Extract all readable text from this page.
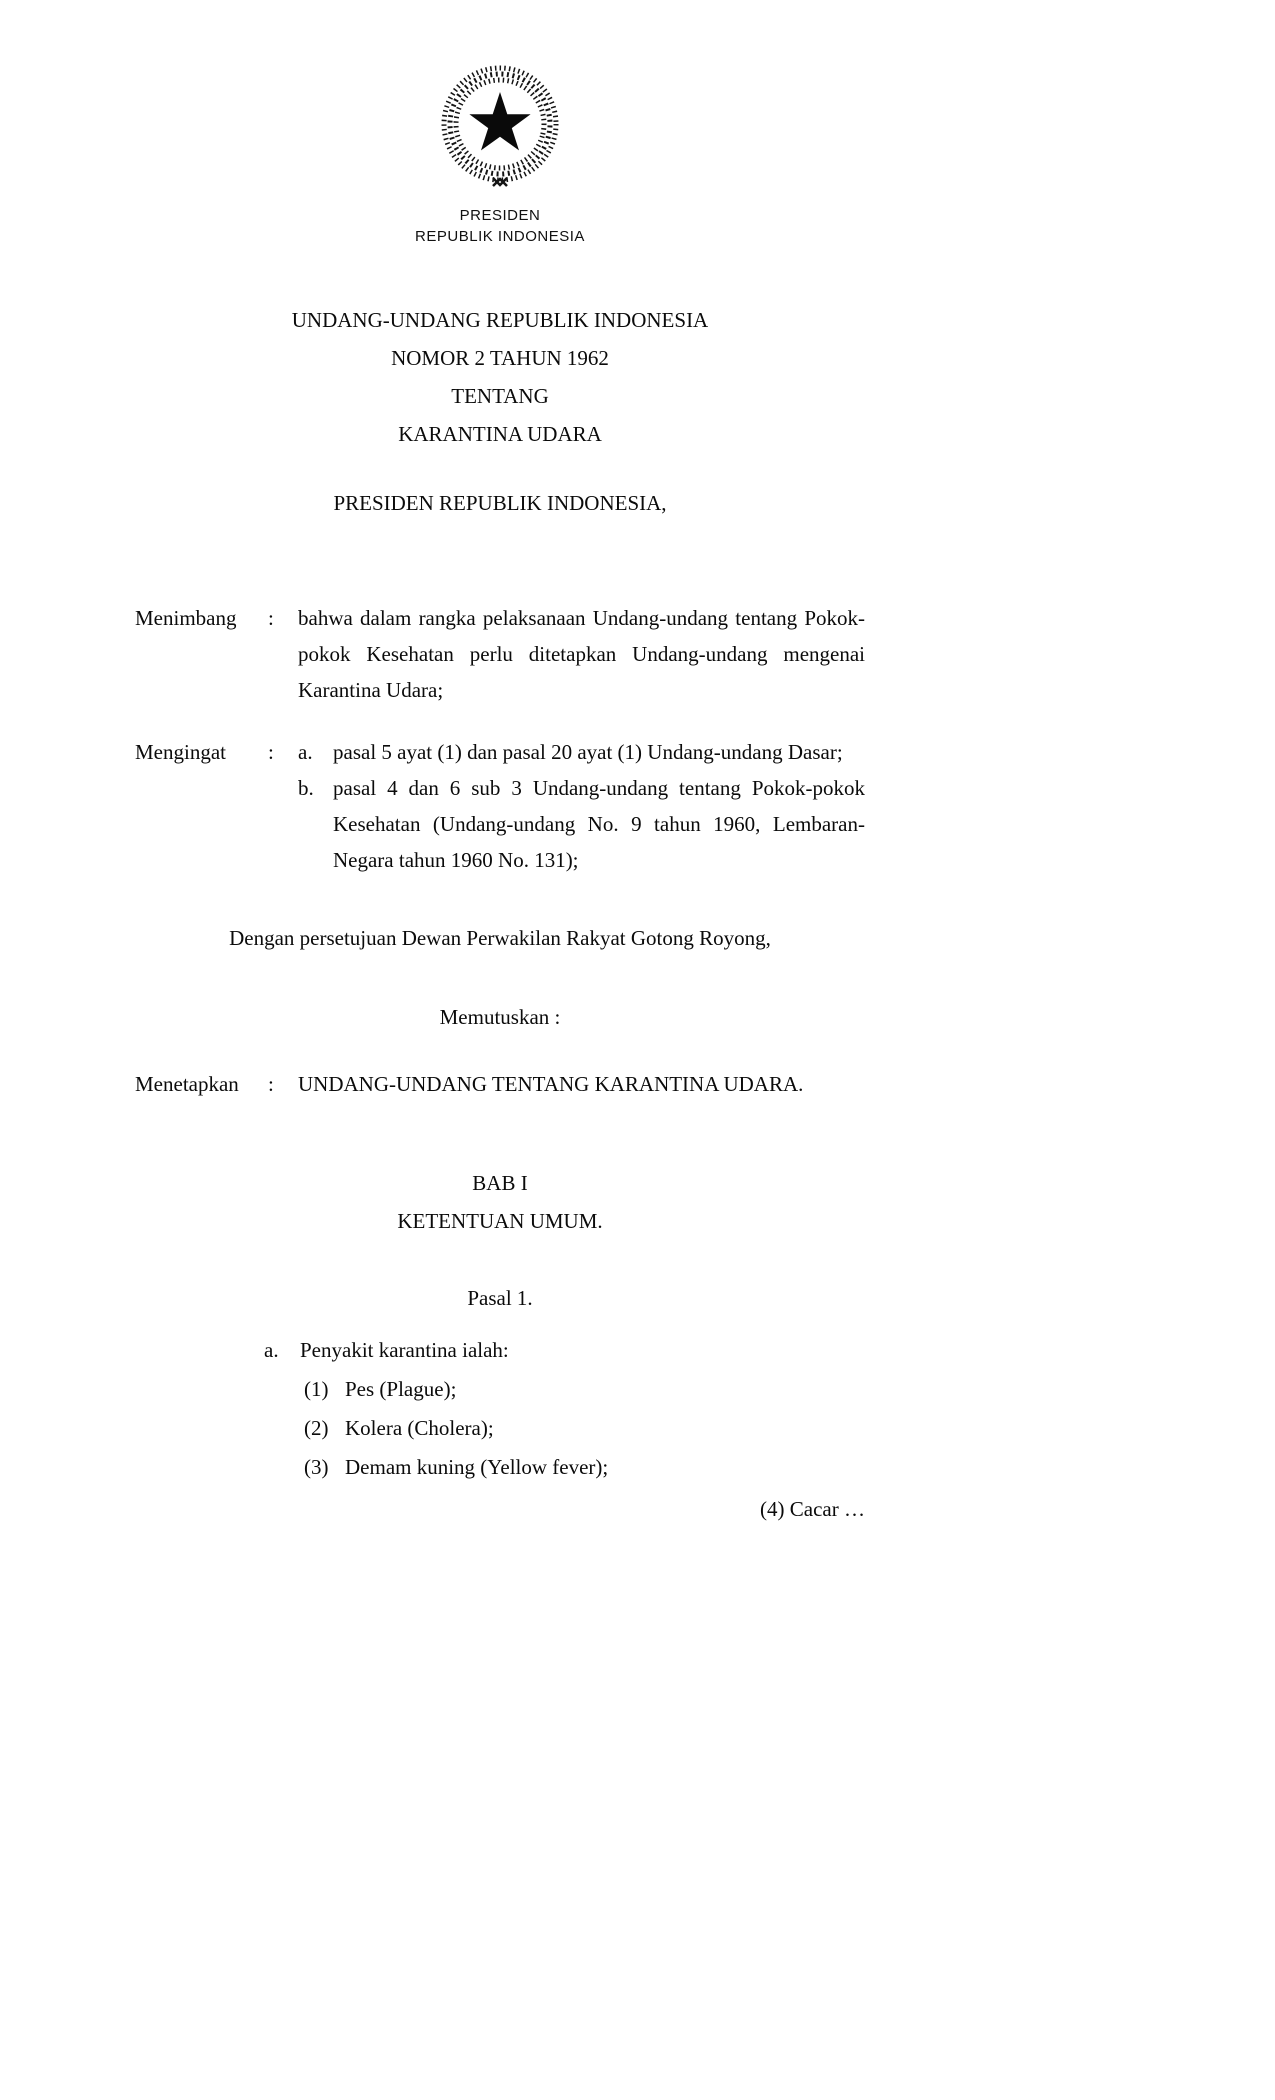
PRESIDEN
REPUBLIK INDONESIA
UNDANG-UNDANG REPUBLIK INDONESIA
NOMOR 2 TAHUN 1962
TENTANG
KARANTINA UDARA
PRESIDEN REPUBLIK INDONESIA,
Menimbang	:	bahwa dalam rangka pelaksanaan Undang-undang tentang Pokok-pokok Kesehatan perlu ditetapkan Undang-undang mengenai Karantina Udara;
Mengingat	:	a. pasal 5 ayat (1) dan pasal 20 ayat (1) Undang-undang Dasar;
b. pasal 4 dan 6 sub 3 Undang-undang tentang Pokok-pokok Kesehatan (Undang-undang No. 9 tahun 1960, Lembaran-Negara tahun 1960 No. 131);
Dengan persetujuan Dewan Perwakilan Rakyat Gotong Royong,
Memutuskan :
Menetapkan	:	UNDANG-UNDANG TENTANG KARANTINA UDARA.
BAB I
KETENTUAN UMUM.
Pasal 1.
a.	Penyakit karantina ialah:
(1) Pes (Plague);
(2) Kolera (Cholera);
(3) Demam kuning (Yellow fever);
(4) Cacar …
